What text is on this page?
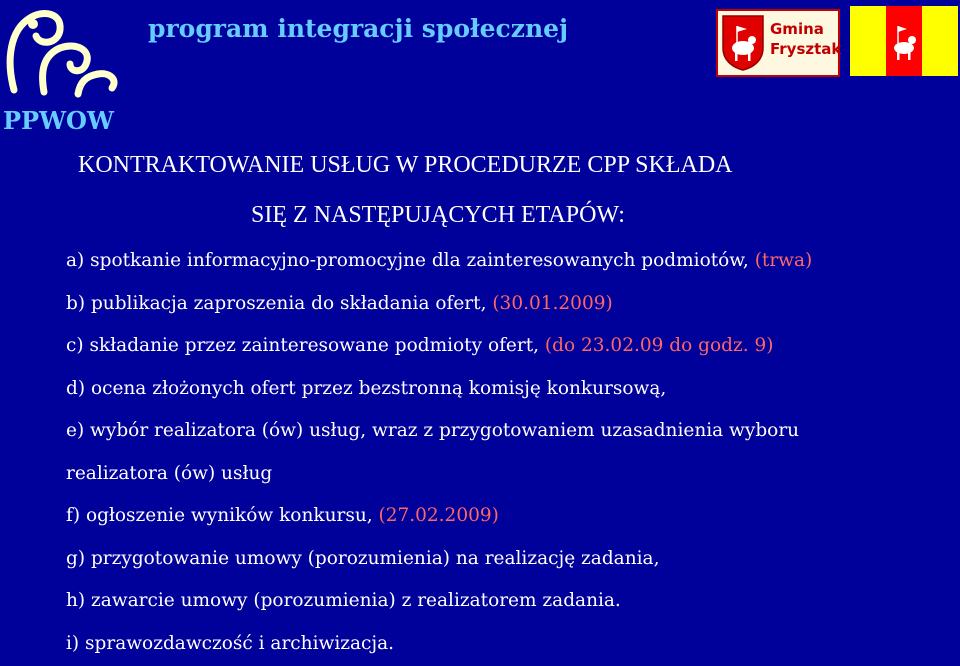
PPWOW
program integracji społecznej	Gmina
Frysztak

KONTRAKTOWANIE USŁUG W PROCEDURZE CPP SKŁADA

SIĘ Z NASTĘPUJĄCYCH ETAPÓW:

a) spotkanie informacyjno-promocyjne dla zainteresowanych podmiotów, (trwa)

b) publikacja zaproszenia do składania ofert, (30.01.2009)

c) składanie przez zainteresowane podmioty ofert, (do 23.02.09 do godz. 9)

d) ocena złożonych ofert przez bezstronną komisję konkursową,

e) wybór realizatora (ów) usług, wraz z przygotowaniem uzasadnienia wyboru

realizatora (ów) usług

f) ogłoszenie wyników konkursu, (27.02.2009)

g) przygotowanie umowy (porozumienia) na realizację zadania,

h) zawarcie umowy (porozumienia) z realizatorem zadania.

i) sprawozdawczość i archiwizacja.
